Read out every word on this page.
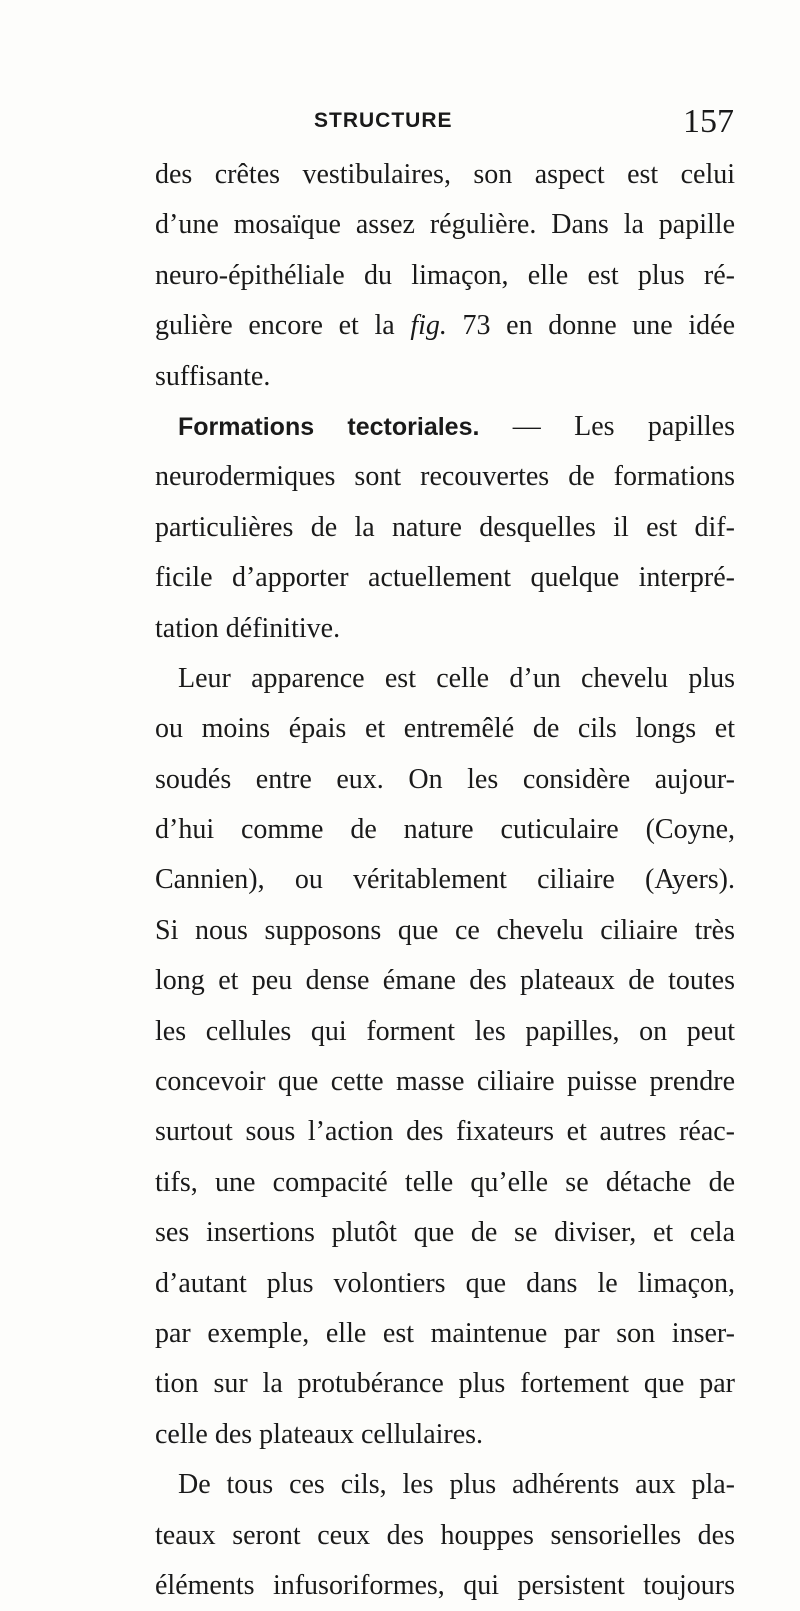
STRUCTURE	157
des crêtes vestibulaires, son aspect est celui
d’une mosaïque assez régulière. Dans la papille
neuro-épithéliale du limaçon, elle est plus ré-
gulière encore et la fig. 73 en donne une idée
suffisante.
Formations tectoriales. — Les papilles
neurodermiques sont recouvertes de formations
particulières de la nature desquelles il est dif-
ficile d’apporter actuellement quelque interpré-
tation définitive.
Leur apparence est celle d’un chevelu plus
ou moins épais et entremêlé de cils longs et
soudés entre eux. On les considère aujour-
d’hui comme de nature cuticulaire (Coyne,
Cannien), ou véritablement ciliaire (Ayers).
Si nous supposons que ce chevelu ciliaire très
long et peu dense émane des plateaux de toutes
les cellules qui forment les papilles, on peut
concevoir que cette masse ciliaire puisse prendre
surtout sous l’action des fixateurs et autres réac-
tifs, une compacité telle qu’elle se détache de
ses insertions plutôt que de se diviser, et cela
d’autant plus volontiers que dans le limaçon,
par exemple, elle est maintenue par son inser-
tion sur la protubérance plus fortement que par
celle des plateaux cellulaires.
De tous ces cils, les plus adhérents aux pla-
teaux seront ceux des houppes sensorielles des
éléments infusoriformes, qui persistent toujours
